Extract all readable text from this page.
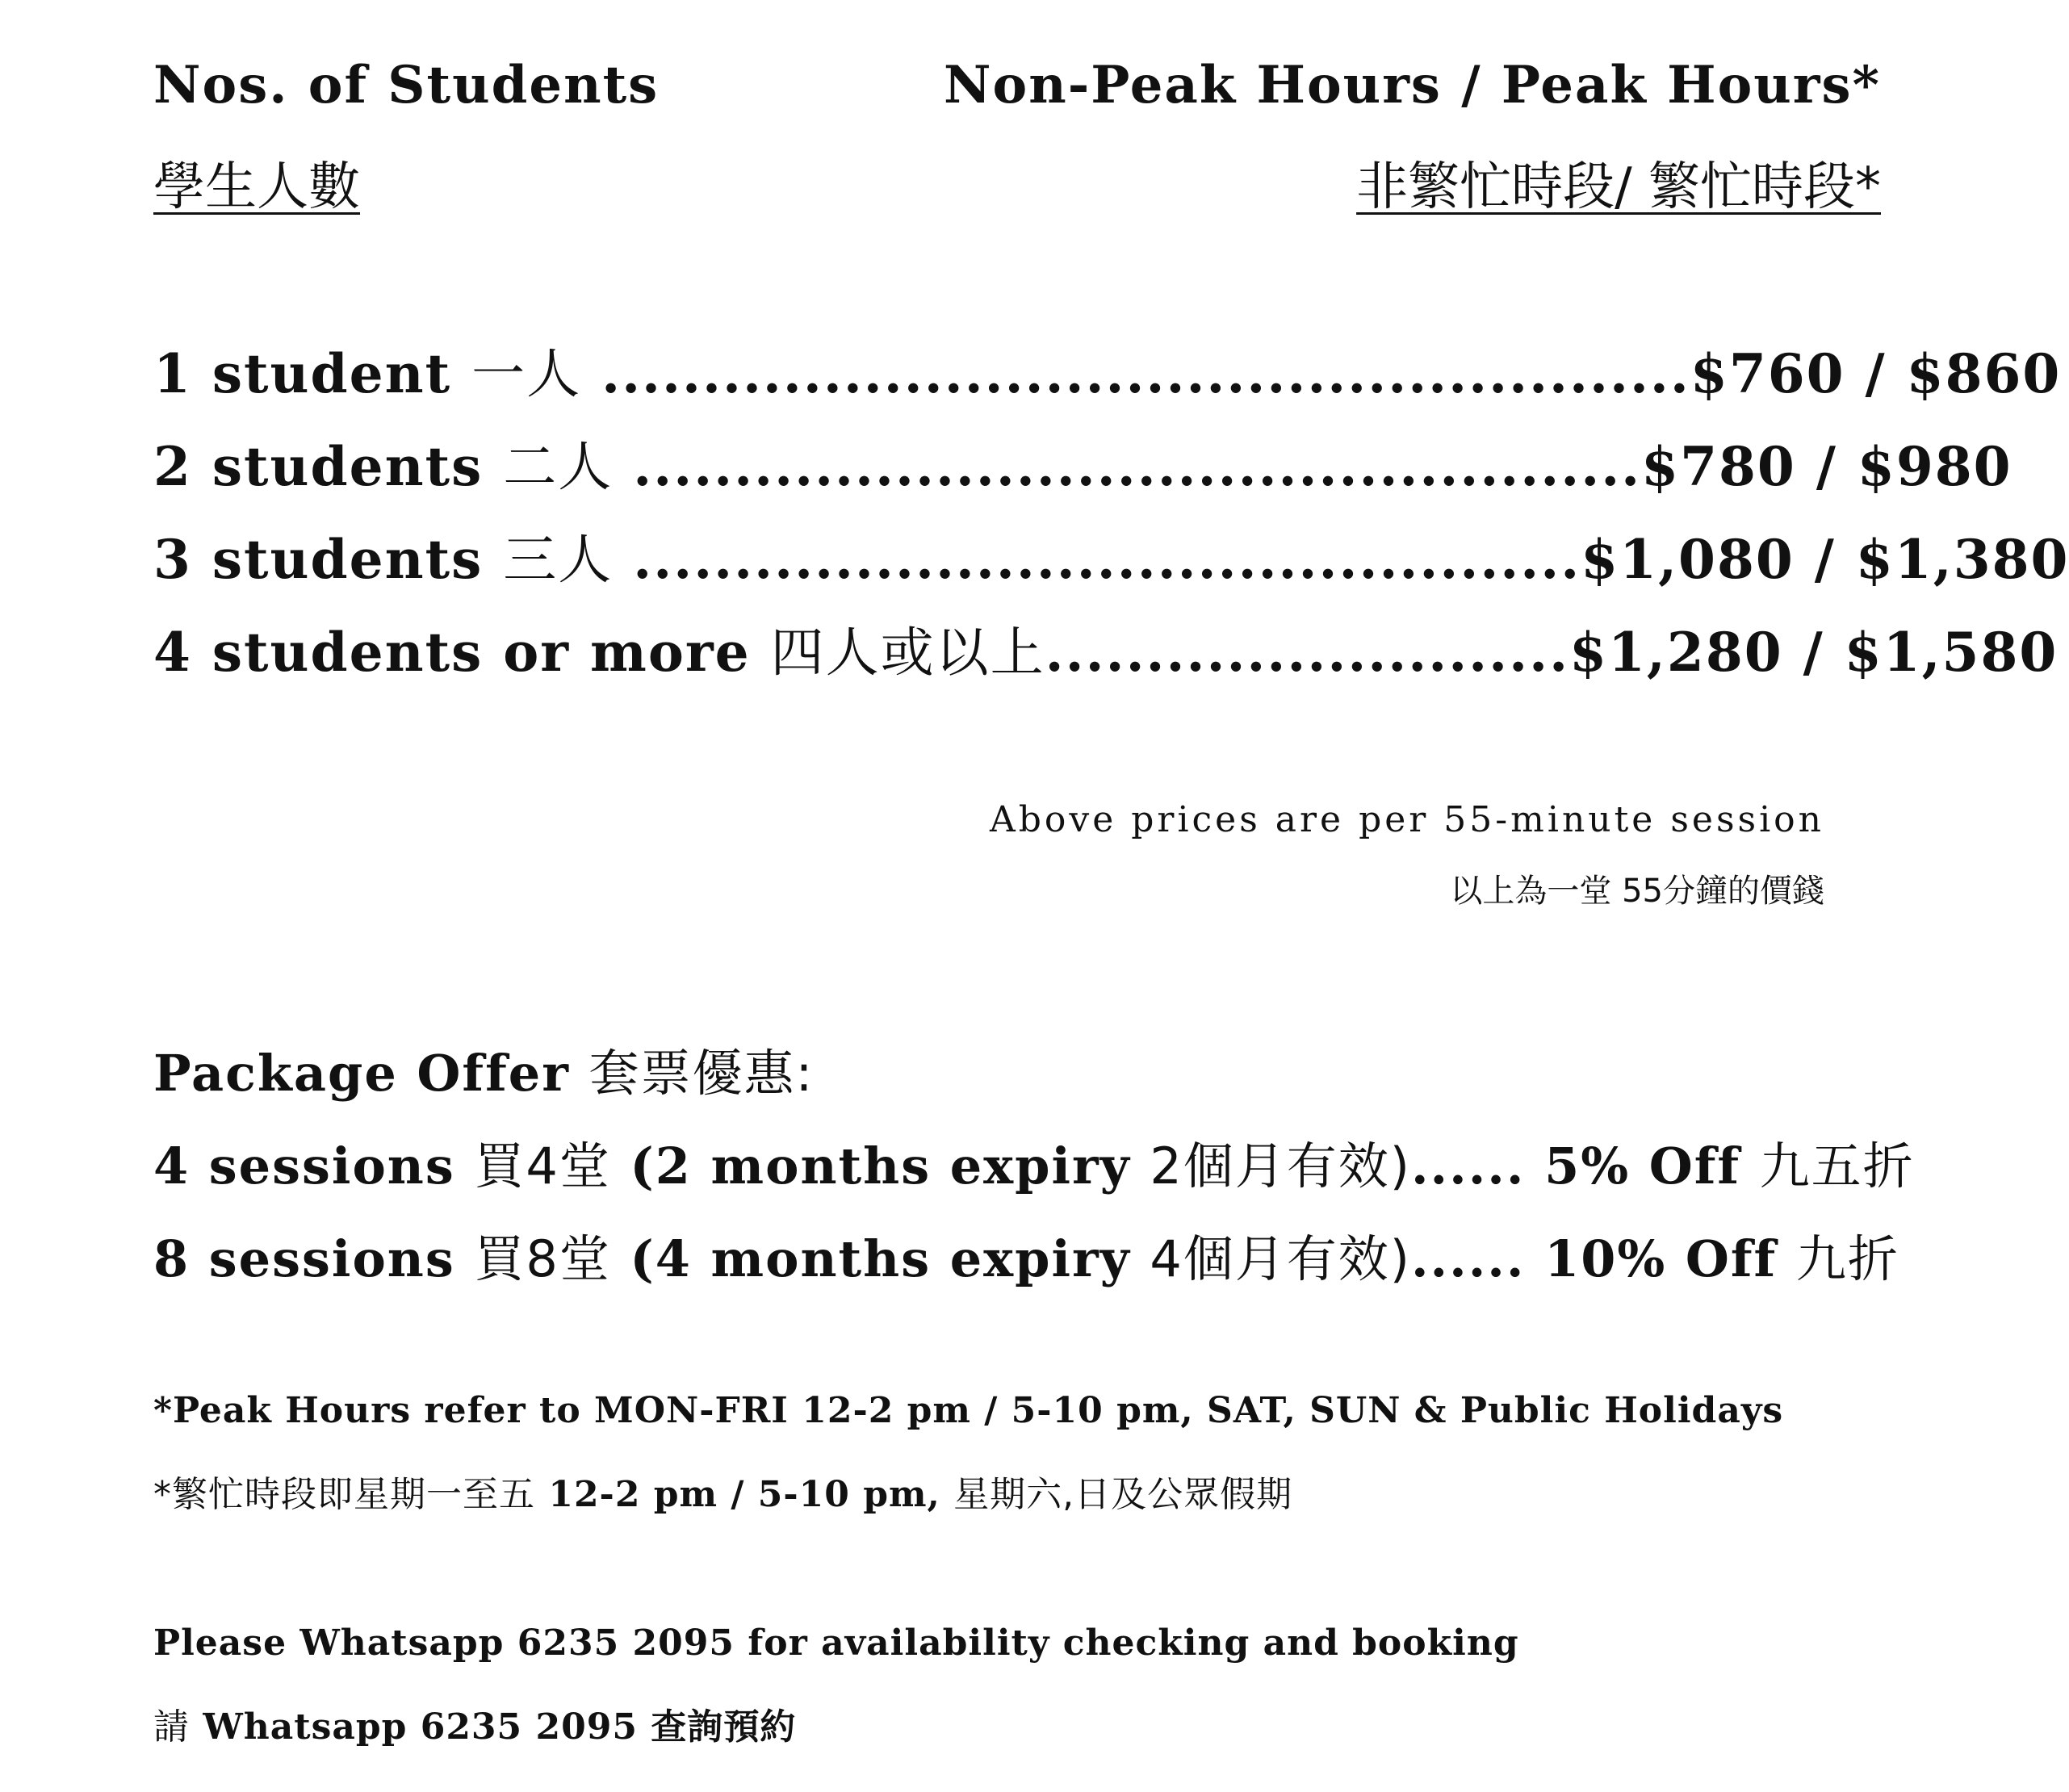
Nos. of Students
學生人數
Non-Peak Hours / Peak Hours*
非繁忙時段/ 繁忙時段*
1 student 一人 ......................................................$760 / $860
2 students 二人 ..................................................$780 / $980
3 students 三人 ...............................................$1,080 / $1,380
4 students or more 四人或以上..........................$1,280 / $1,580
Above prices are per 55-minute session
以上為一堂 55分鐘的價錢
Package Offer 套票優惠:
4 sessions 買4堂 (2 months expiry 2個月有效)...... 5% Off 九五折
8 sessions 買8堂 (4 months expiry 4個月有效)...... 10% Off 九折
*Peak Hours refer to MON-FRI 12-2 pm / 5-10 pm, SAT, SUN & Public Holidays
*繁忙時段即星期一至五 12-2 pm / 5-10 pm, 星期六,日及公眾假期
Please Whatsapp 6235 2095 for availability checking and booking
請 Whatsapp 6235 2095 查詢預約
